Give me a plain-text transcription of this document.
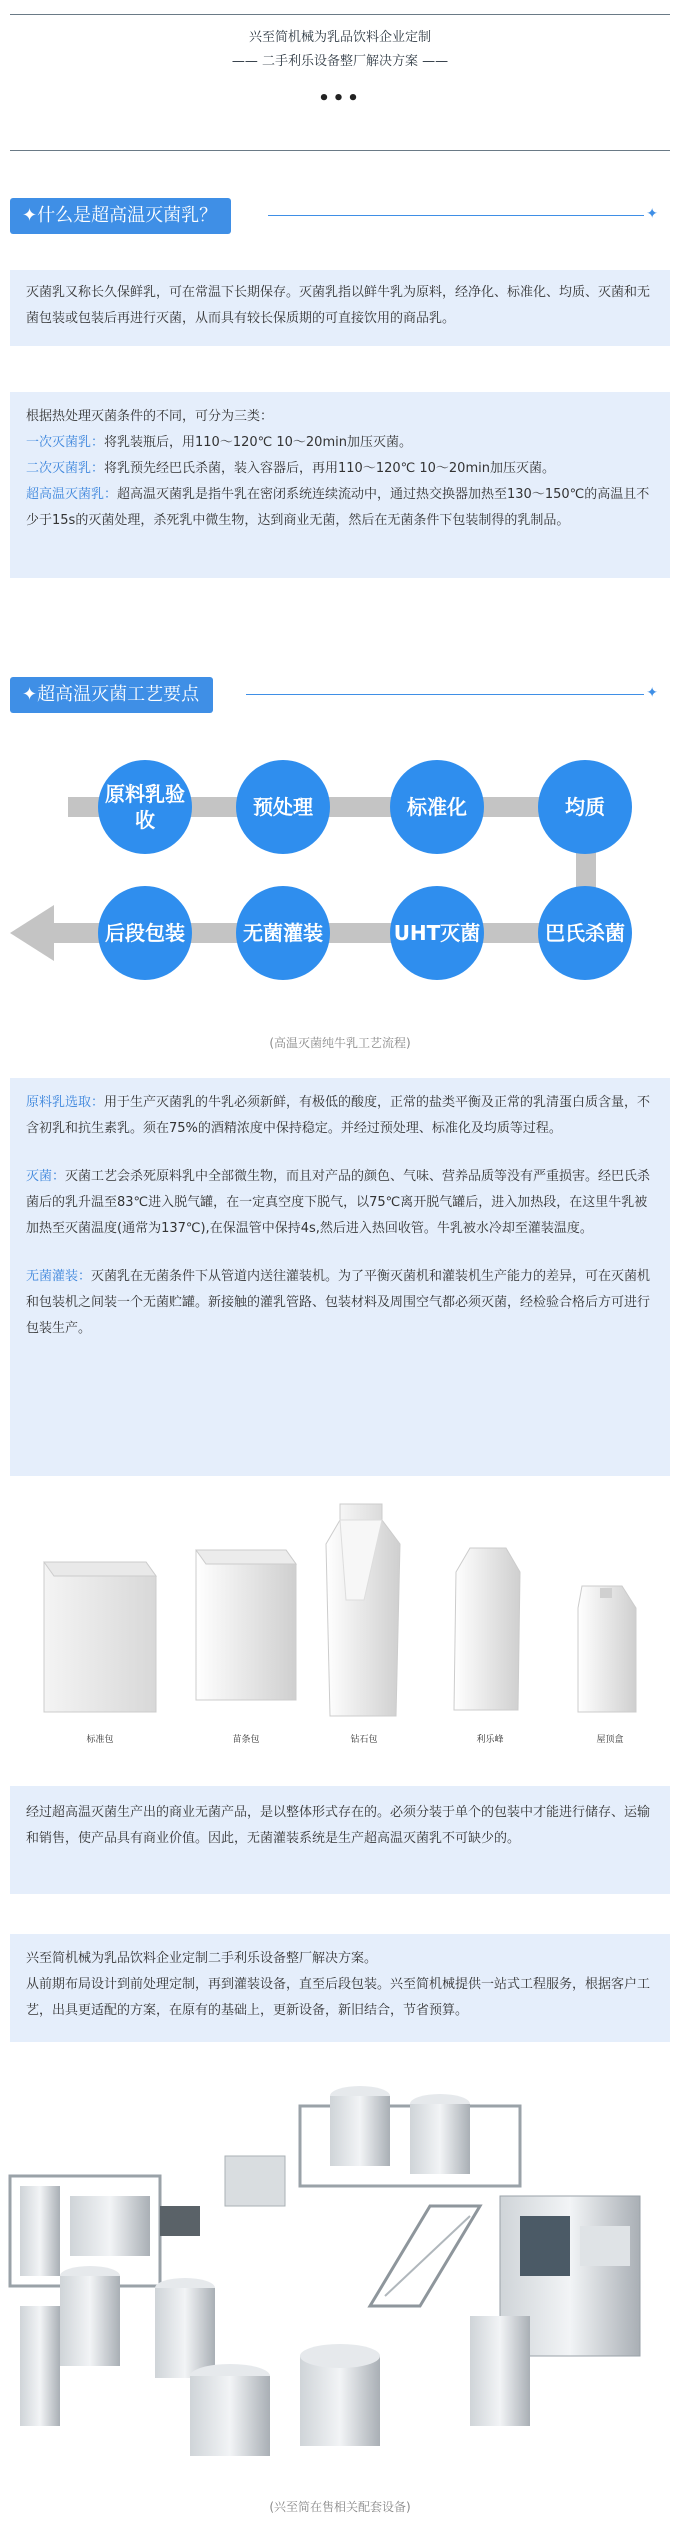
兴至简机械为乳品饮料企业定制
—— 二手利乐设备整厂解决方案 ——
•••
✦什么是超高温灭菌乳？	✦

灭菌乳又称长久保鲜乳，可在常温下长期保存。灭菌乳指以鲜牛乳为原料，经净化、标准化、均质、灭菌和无菌包装或包装后再进行灭菌，从而具有较长保质期的可直接饮用的商品乳。

根据热处理灭菌条件的不同，可分为三类：

一次灭菌乳：将乳装瓶后，用110～120℃ 10～20min加压灭菌。

二次灭菌乳：将乳预先经巴氏杀菌，装入容器后，再用110～120℃ 10～20min加压灭菌。

超高温灭菌乳：超高温灭菌乳是指牛乳在密闭系统连续流动中，通过热交换器加热至130～150℃的高温且不少于15s的灭菌处理，杀死乳中微生物，达到商业无菌，然后在无菌条件下包装制得的乳制品。

✦超高温灭菌工艺要点	✦
原料乳验收
预处理	标准化	均质
后段包装	无菌灌装	UHT灭菌	巴氏杀菌
(高温灭菌纯牛乳工艺流程)

原料乳选取：用于生产灭菌乳的牛乳必须新鲜，有极低的酸度，正常的盐类平衡及正常的乳清蛋白质含量，不含初乳和抗生素乳。须在75%的酒精浓度中保持稳定。并经过预处理、标准化及均质等过程。

灭菌：灭菌工艺会杀死原料乳中全部微生物，而且对产品的颜色、气味、营养品质等没有严重损害。经巴氏杀菌后的乳升温至83℃进入脱气罐，在一定真空度下脱气，以75℃离开脱气罐后，进入加热段，在这里牛乳被加热至灭菌温度(通常为137℃),在保温管中保持4s,然后进入热回收管。牛乳被水冷却至灌装温度。

无菌灌装：灭菌乳在无菌条件下从管道内送往灌装机。为了平衡灭菌机和灌装机生产能力的差异，可在灭菌机和包装机之间装一个无菌贮罐。新接触的灌乳管路、包装材料及周围空气都必须灭菌，经检验合格后方可进行包装生产。

标准包	苗条包	钻石包	利乐峰	屋顶盒

经过超高温灭菌生产出的商业无菌产品，是以整体形式存在的。必须分装于单个的包装中才能进行储存、运输和销售，使产品具有商业价值。因此，无菌灌装系统是生产超高温灭菌乳不可缺少的。

兴至简机械为乳品饮料企业定制二手利乐设备整厂解决方案。

从前期布局设计到前处理定制，再到灌装设备，直至后段包装。兴至简机械提供一站式工程服务，根据客户工艺，出具更适配的方案，在原有的基础上，更新设备，新旧结合，节省预算。

(兴至简在售相关配套设备)
